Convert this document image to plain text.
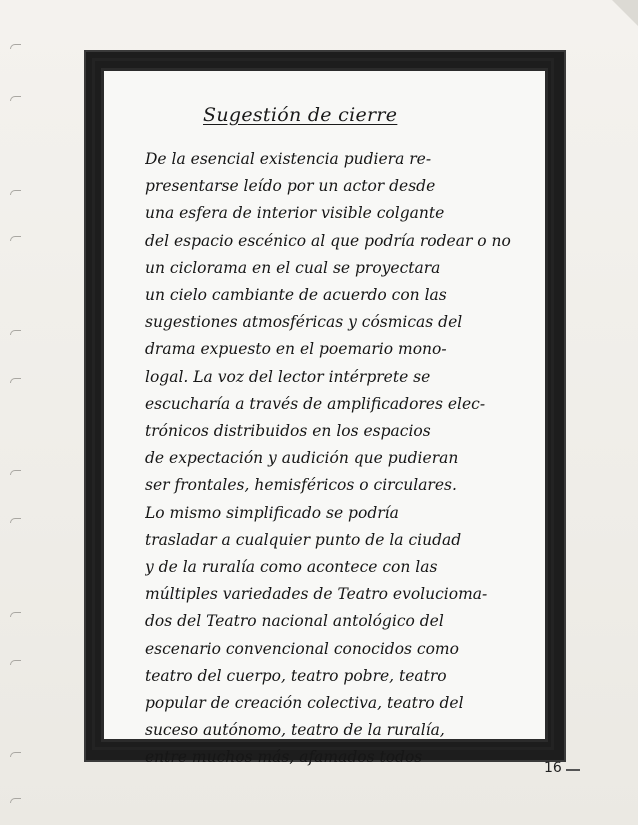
Sugestión de cierre
De la esencial existencia pudiera re-
presentarse leído por un actor desde
una esfera de interior visible colgante
del espacio escénico al que podría rodear o no
un ciclorama en el cual se proyectara
un cielo cambiante de acuerdo con las
sugestiones atmosféricas y cósmicas del
drama expuesto en el poemario mono-
logal. La voz del lector intérprete se
escucharía a través de amplificadores elec-
trónicos distribuidos en los espacios
de expectación y audición que pudieran
ser frontales, hemisféricos o circulares.
Lo mismo simplificado se podría
trasladar a cualquier punto de la ciudad
y de la ruralía como acontece con las
múltiples variedades de Teatro evolucioma-
dos del Teatro nacional antológico del
escenario convencional conocidos como
teatro del cuerpo, teatro pobre, teatro
popular de creación colectiva, teatro del
suceso autónomo, teatro de la ruralía,
entre muchos más, afamados todos
16
